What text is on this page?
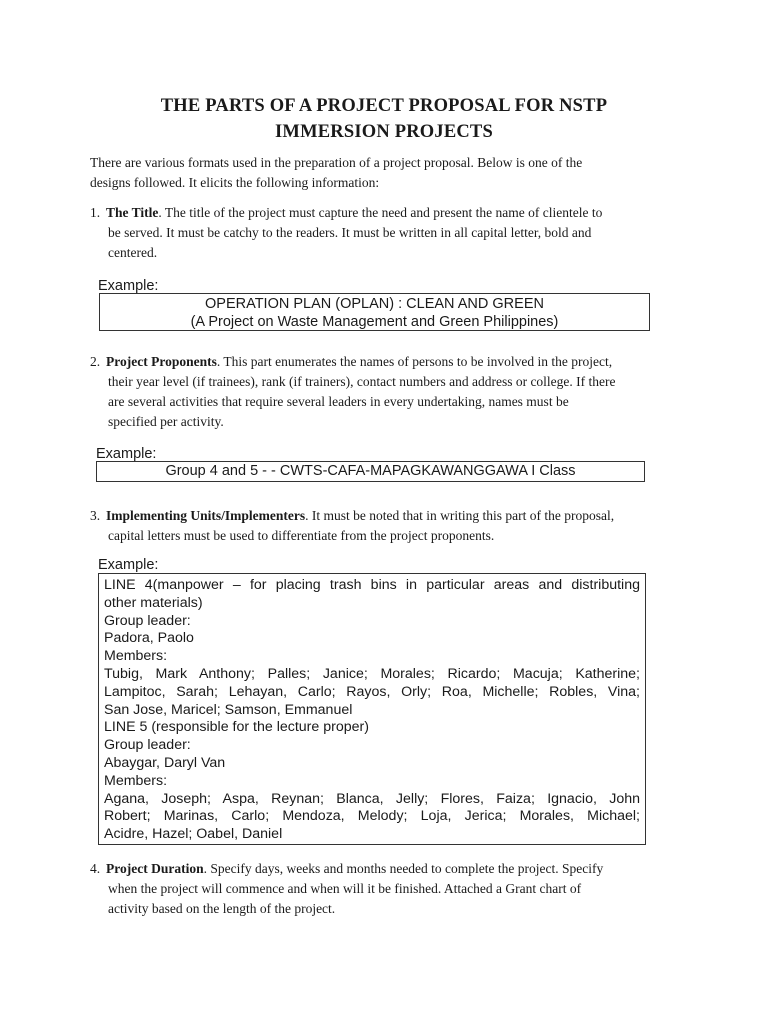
THE PARTS OF A PROJECT PROPOSAL FOR NSTP
IMMERSION PROJECTS
There are various formats used in the preparation of a project proposal. Below is one of the
designs followed. It elicits the following information:
1. The Title. The title of the project must capture the need and present the name of clientele to
be served. It must be catchy to the readers. It must be written in all capital letter, bold and
centered.
Example:
OPERATION PLAN (OPLAN) : CLEAN AND GREEN
(A Project on Waste Management and Green Philippines)
2. Project Proponents. This part enumerates the names of persons to be involved in the project,
their year level (if trainees), rank (if trainers), contact numbers and address or college. If there
are several activities that require several leaders in every undertaking, names must be
specified per activity.
Example:
Group 4 and 5 - - CWTS-CAFA-MAPAGKAWANGGAWA I Class
3. Implementing Units/Implementers. It must be noted that in writing this part of the proposal,
capital letters must be used to differentiate from the project proponents.
Example:
LINE 4(manpower – for placing trash bins in particular areas and distributing
other materials)
Group leader:
Padora, Paolo
Members:
Tubig, Mark Anthony; Palles; Janice; Morales; Ricardo; Macuja; Katherine;
Lampitoc, Sarah; Lehayan, Carlo; Rayos, Orly; Roa, Michelle; Robles, Vina;
San Jose, Maricel; Samson, Emmanuel
LINE 5 (responsible for the lecture proper)
Group leader:
Abaygar, Daryl Van
Members:
Agana, Joseph; Aspa, Reynan; Blanca, Jelly; Flores, Faiza; Ignacio, John
Robert; Marinas, Carlo; Mendoza, Melody; Loja, Jerica; Morales, Michael;
Acidre, Hazel; Oabel, Daniel
4. Project Duration. Specify days, weeks and months needed to complete the project. Specify
when the project will commence and when will it be finished. Attached a Grant chart of
activity based on the length of the project.
